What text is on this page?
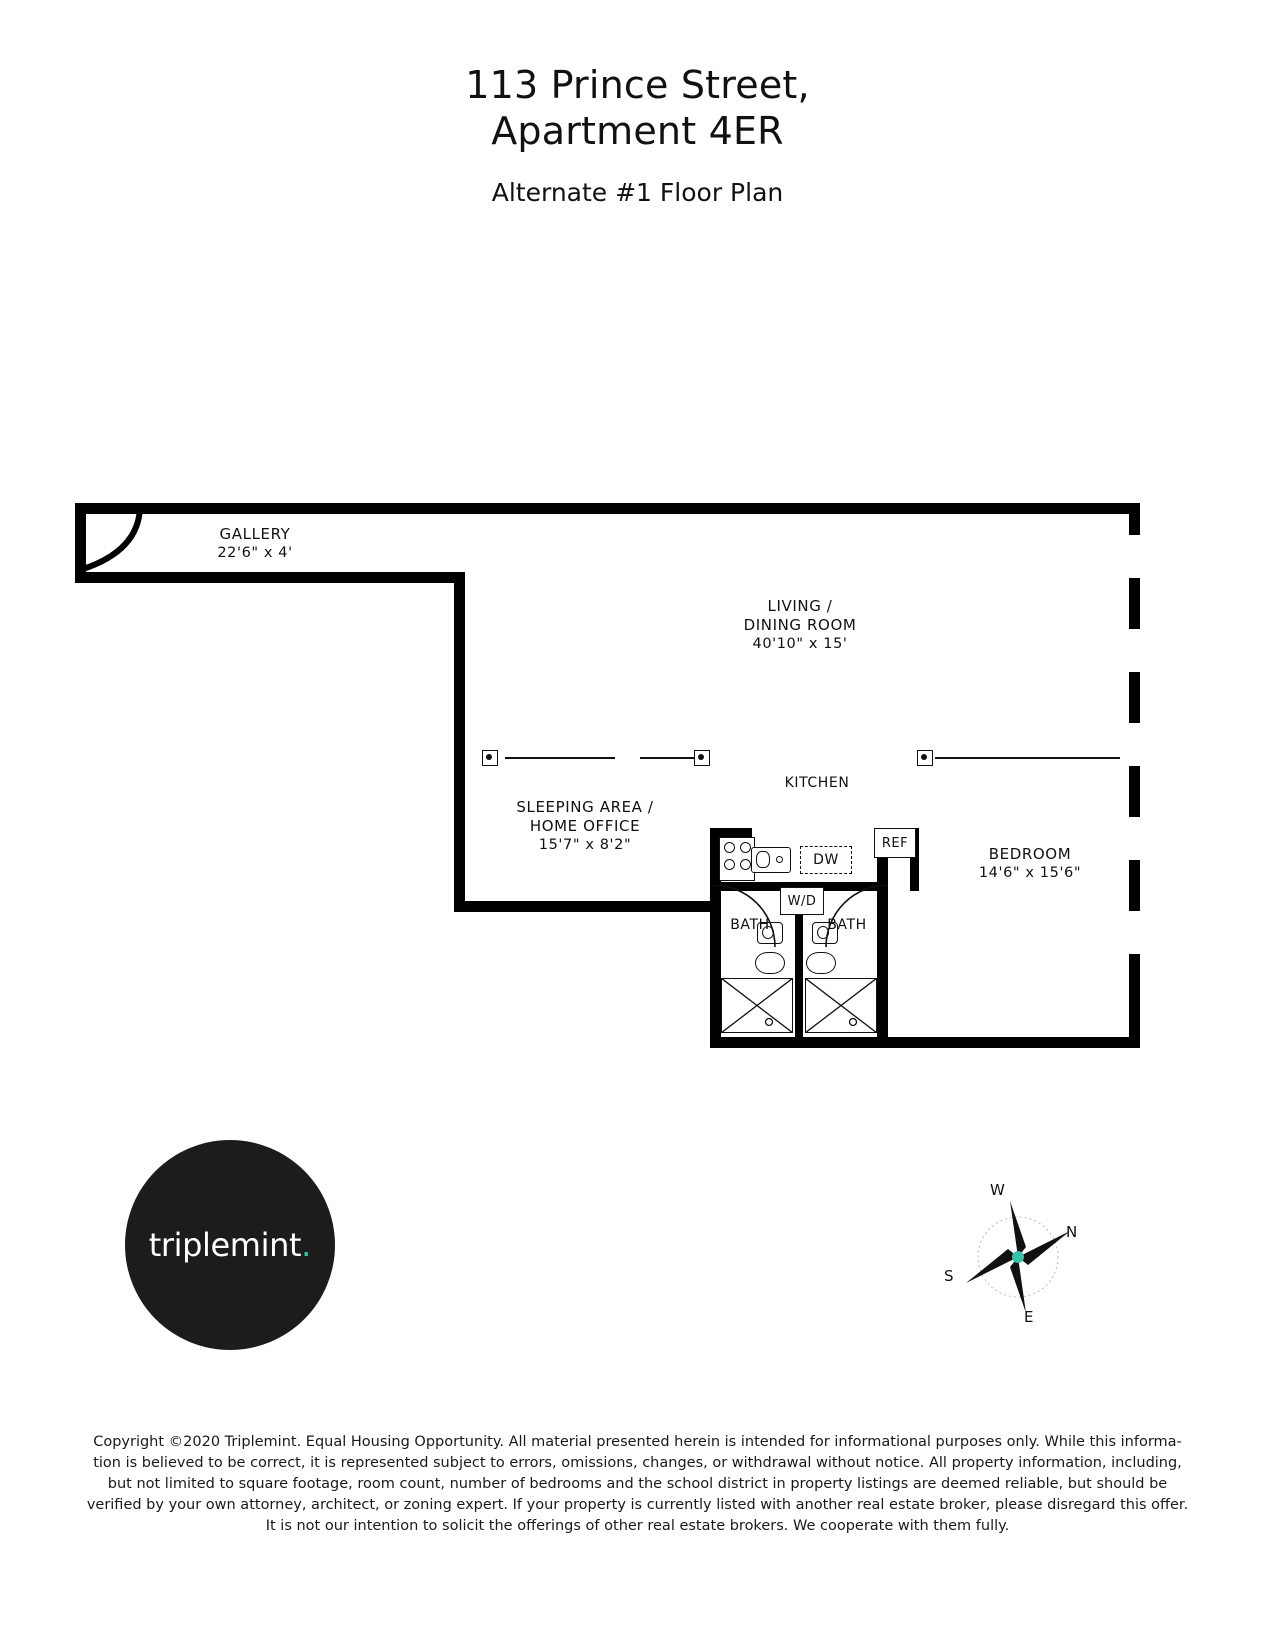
113 Prince Street,
Apartment 4ER
Alternate #1 Floor Plan
DW
REF
W/D
GALLERY
22'6" x 4'
LIVING /
DINING ROOM
40'10" x 15'
SLEEPING AREA /
HOME OFFICE
15'7" x 8'2"	BEDROOM
14'6" x 15'6"
KITCHEN
BATH	BATH
triplemint .
W
N
E
S

Copyright ©2020 Triplemint. Equal Housing Opportunity. All material presented herein is intended for informational purposes only. While this informa-

tion is believed to be correct, it is represented subject to errors, omissions, changes, or withdrawal without notice. All property information, including,

but not limited to square footage, room count, number of bedrooms and the school district in property listings are deemed reliable, but should be

verified by your own attorney, architect, or zoning expert. If your property is currently listed with another real estate broker, please disregard this offer.

It is not our intention to solicit the offerings of other real estate brokers. We cooperate with them fully.
